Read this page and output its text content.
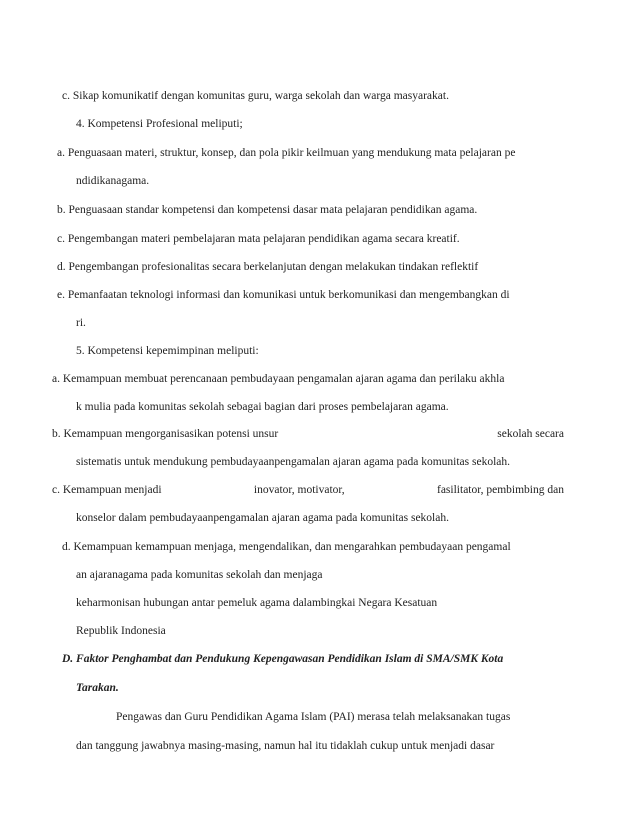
c. Sikap komunikatif dengan komunitas guru, warga sekolah dan warga masyarakat.
4. Kompetensi Profesional meliputi;
a. Penguasaan materi, struktur, konsep, dan pola pikir keilmuan yang mendukung mata pelajaran pe
ndidikanagama.
b. Penguasaan standar kompetensi dan kompetensi dasar mata pelajaran pendidikan agama.
c. Pengembangan materi pembelajaran mata pelajaran pendidikan agama secara kreatif.
d. Pengembangan profesionalitas secara berkelanjutan dengan melakukan tindakan reflektif
e. Pemanfaatan teknologi informasi dan komunikasi untuk berkomunikasi dan mengembangkan di
ri.
5. Kompetensi kepemimpinan meliputi:
a. Kemampuan membuat perencanaan pembudayaan pengamalan ajaran agama dan perilaku akhla
k mulia pada komunitas sekolah sebagai bagian dari proses pembelajaran agama.
b. Kemampuan mengorganisasikan potensi unsur	sekolah secara
sistematis untuk mendukung pembudayaanpengamalan ajaran agama pada komunitas sekolah.
c. Kemampuan menjadi	inovator, motivator,	fasilitator, pembimbing dan
konselor dalam pembudayaanpengamalan ajaran agama pada komunitas sekolah.
d. Kemampuan kemampuan menjaga, mengendalikan, dan mengarahkan pembudayaan pengamal
an ajaranagama pada komunitas sekolah dan menjaga
keharmonisan hubungan antar pemeluk agama dalambingkai Negara Kesatuan
Republik Indonesia
D. Faktor Penghambat dan Pendukung Kepengawasan Pendidikan Islam di SMA/SMK Kota
Tarakan.
Pengawas dan Guru Pendidikan Agama Islam (PAI) merasa telah melaksanakan tugas
dan tanggung jawabnya masing-masing, namun hal itu tidaklah cukup untuk menjadi dasar
